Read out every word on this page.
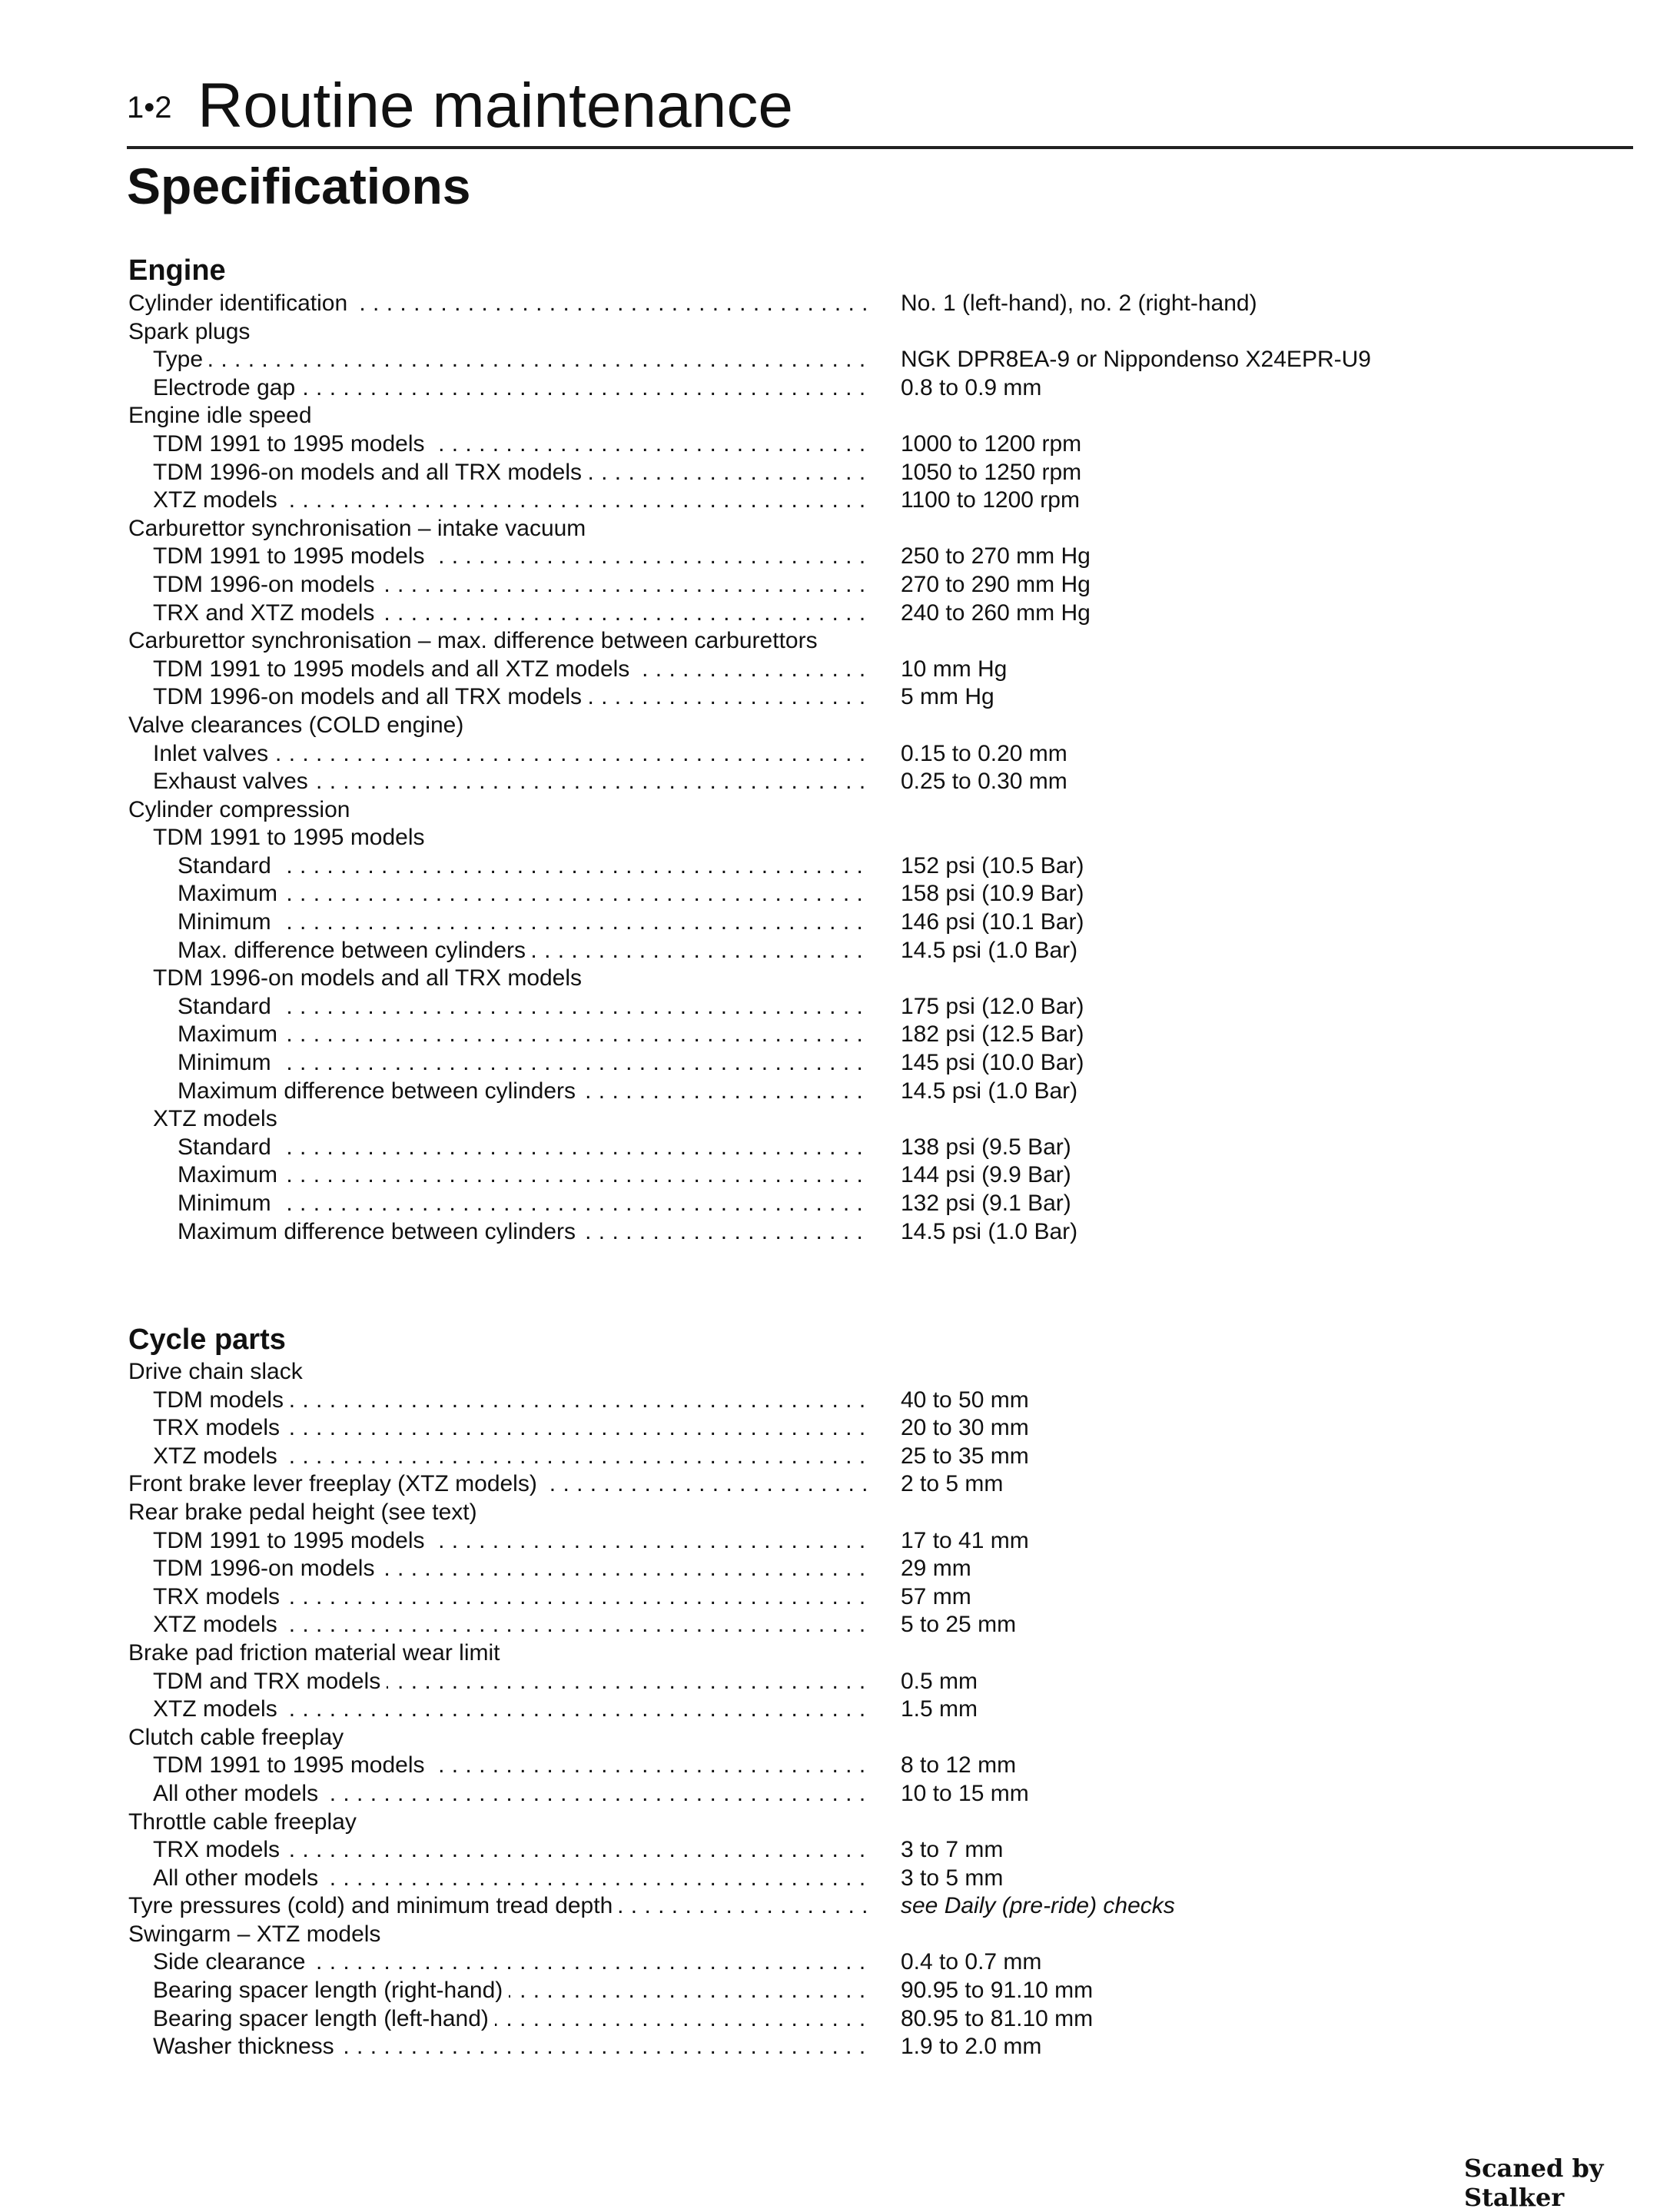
1•2 Routine maintenance
Specifications
Engine
Cylinder identification . . .	No. 1 (left-hand), no. 2 (right-hand)
Spark plugs
Type . . .	NGK DPR8EA-9 or Nippondenso X24EPR-U9
Electrode gap . . .	0.8 to 0.9 mm
Engine idle speed
TDM 1991 to 1995 models . . .	1000 to 1200 rpm
TDM 1996-on models and all TRX models . . .	1050 to 1250 rpm
XTZ models . . .	1100 to 1200 rpm
Carburettor synchronisation – intake vacuum
TDM 1991 to 1995 models . . .	250 to 270 mm Hg
TDM 1996-on models . . .	270 to 290 mm Hg
TRX and XTZ models . . .	240 to 260 mm Hg
Carburettor synchronisation – max. difference between carburettors
TDM 1991 to 1995 models and all XTZ models . . .	10 mm Hg
TDM 1996-on models and all TRX models . . .	5 mm Hg
Valve clearances (COLD engine)
Inlet valves . . .	0.15 to 0.20 mm
Exhaust valves . . .	0.25 to 0.30 mm
Cylinder compression
TDM 1991 to 1995 models
Standard . . .	152 psi (10.5 Bar)
Maximum . . .	158 psi (10.9 Bar)
Minimum . . .	146 psi (10.1 Bar)
Max. difference between cylinders . . .	14.5 psi (1.0 Bar)
TDM 1996-on models and all TRX models
Standard . . .	175 psi (12.0 Bar)
Maximum . . .	182 psi (12.5 Bar)
Minimum . . .	145 psi (10.0 Bar)
Maximum difference between cylinders . . .	14.5 psi (1.0 Bar)
XTZ models
Standard . . .	138 psi (9.5 Bar)
Maximum . . .	144 psi (9.9 Bar)
Minimum . . .	132 psi (9.1 Bar)
Maximum difference between cylinders . . .	14.5 psi (1.0 Bar)
Cycle parts
Drive chain slack
TDM models . . .	40 to 50 mm
TRX models . . .	20 to 30 mm
XTZ models . . .	25 to 35 mm
Front brake lever freeplay (XTZ models) . . .	2 to 5 mm
Rear brake pedal height (see text)
TDM 1991 to 1995 models . . .	17 to 41 mm
TDM 1996-on models . . .	29 mm
TRX models . . .	57 mm
XTZ models . . .	5 to 25 mm
Brake pad friction material wear limit
TDM and TRX models . . .	0.5 mm
XTZ models . . .	1.5 mm
Clutch cable freeplay
TDM 1991 to 1995 models . . .	8 to 12 mm
All other models . . .	10 to 15 mm
Throttle cable freeplay
TRX models . . .	3 to 7 mm
All other models . . .	3 to 5 mm
Tyre pressures (cold) and minimum tread depth . . .	see Daily (pre-ride) checks
Swingarm – XTZ models
Side clearance . . .	0.4 to 0.7 mm
Bearing spacer length (right-hand) . . .	90.95 to 91.10 mm
Bearing spacer length (left-hand) . . .	80.95 to 81.10 mm
Washer thickness . . .	1.9 to 2.0 mm
Scaned by Stalker
